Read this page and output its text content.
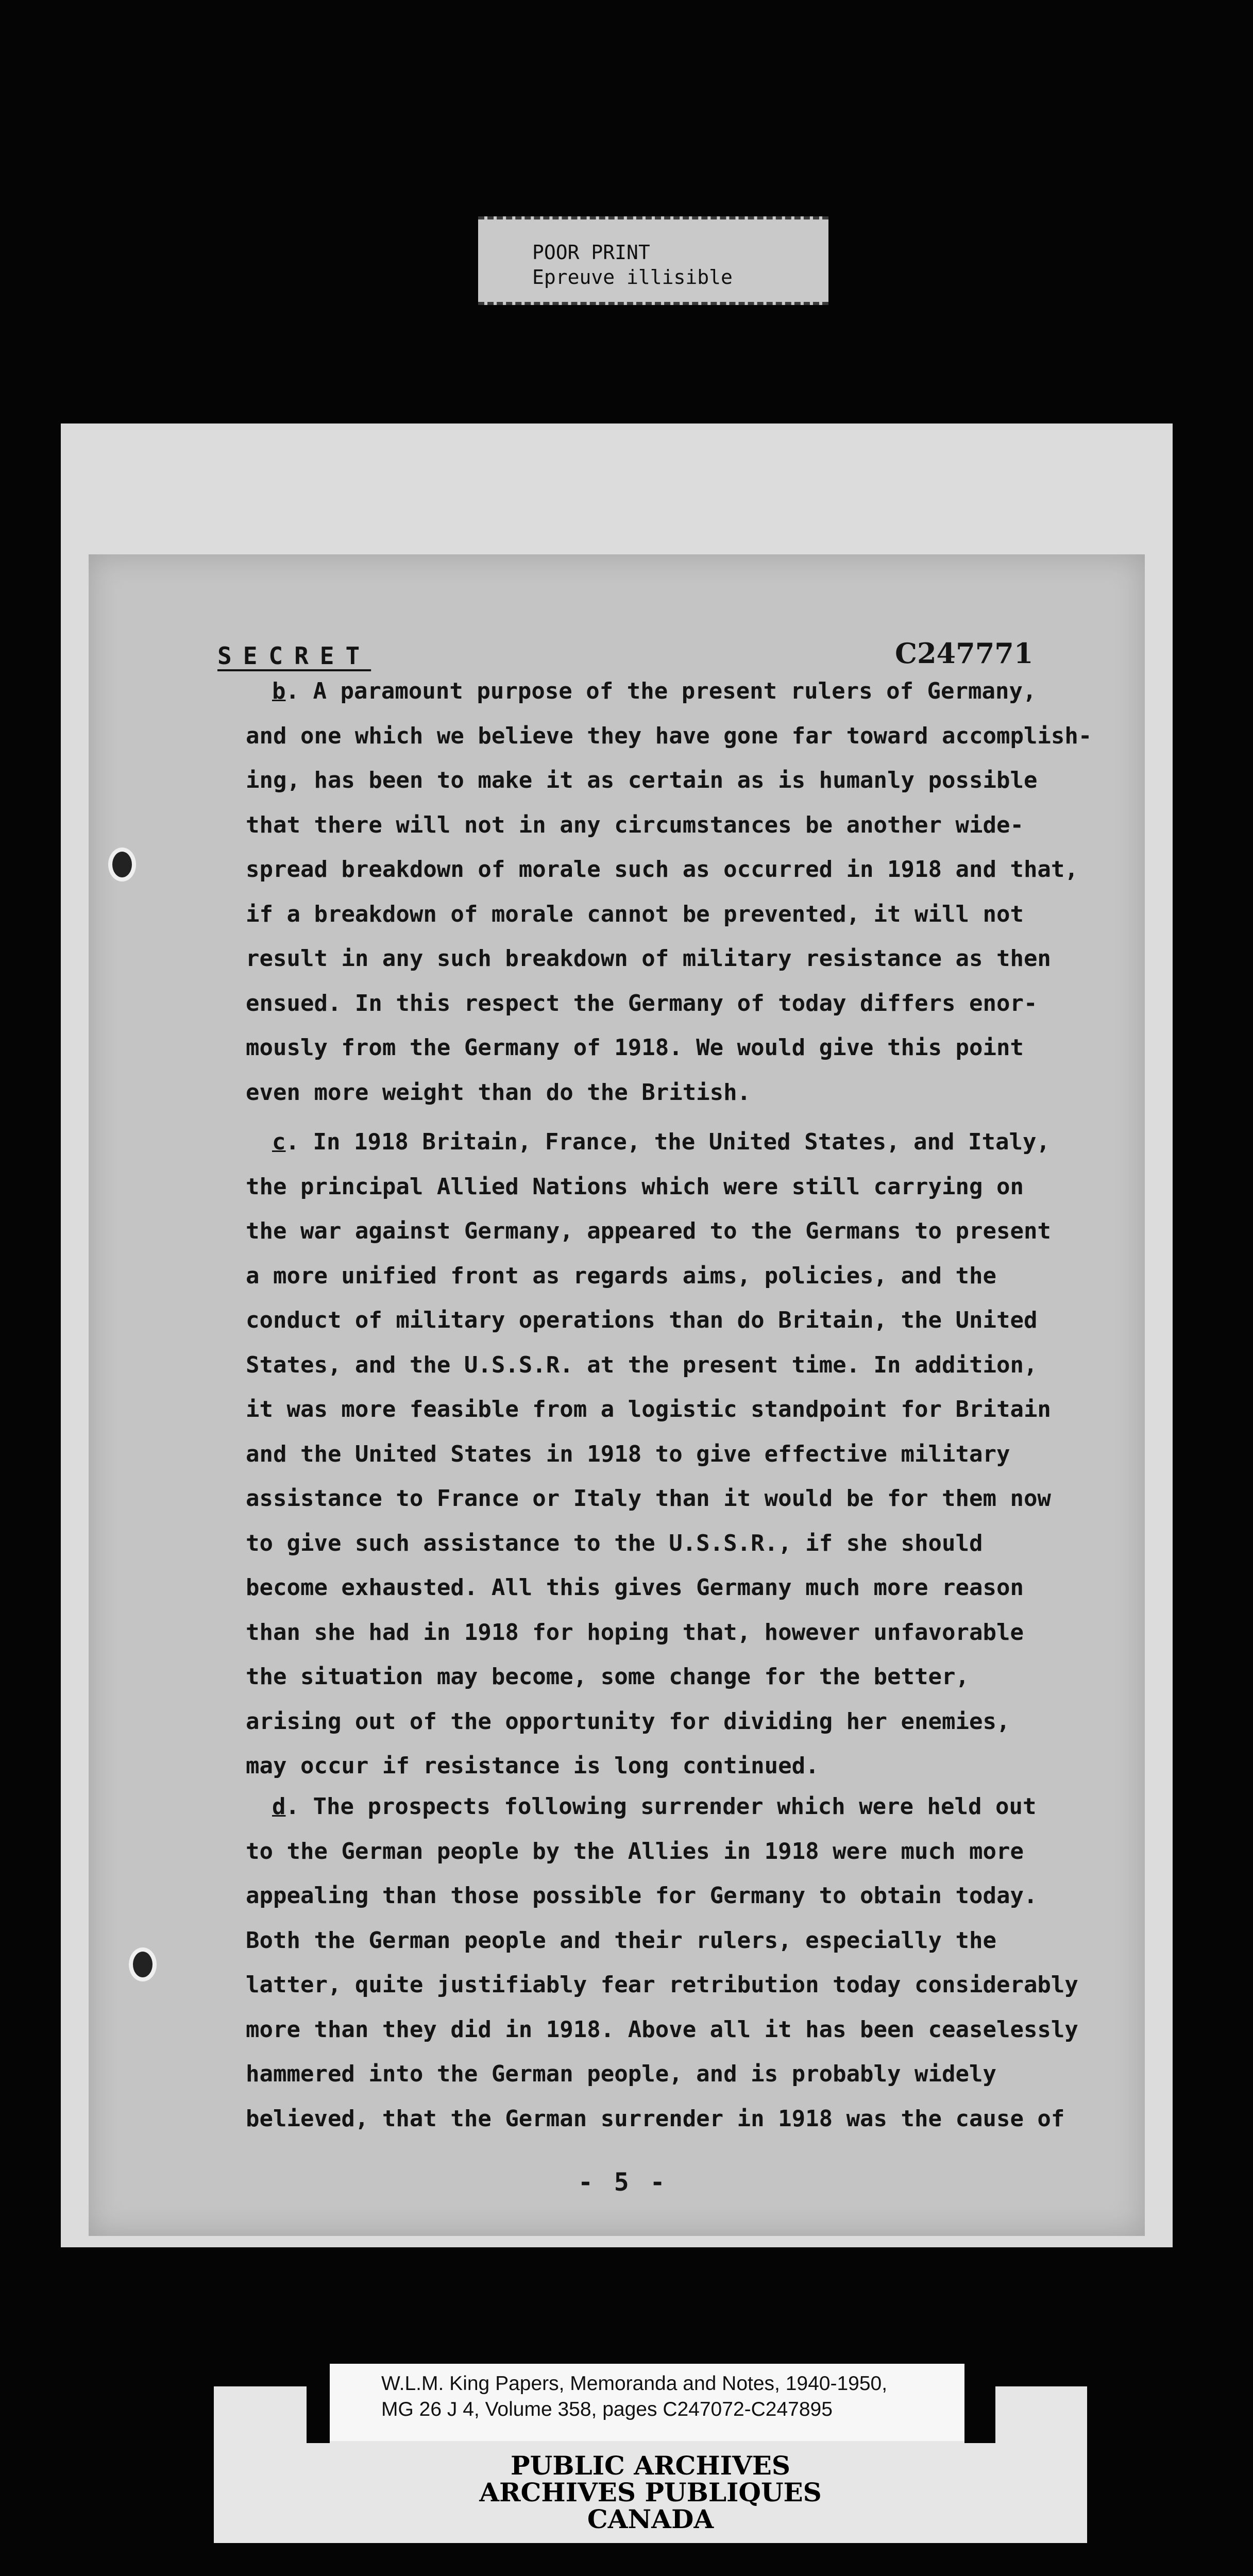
POOR PRINT
Epreuve illisible
SECRET	C247771
b. A paramount purpose of the present rulers of Germany,
and one which we believe they have gone far toward accomplish-
ing, has been to make it as certain as is humanly possible
that there will not in any circumstances be another wide-
spread breakdown of morale such as occurred in 1918 and that,
if a breakdown of morale cannot be prevented, it will not
result in any such breakdown of military resistance as then
ensued. In this respect the Germany of today differs enor-
mously from the Germany of 1918. We would give this point
even more weight than do the British.
c. In 1918 Britain, France, the United States, and Italy,
the principal Allied Nations which were still carrying on
the war against Germany, appeared to the Germans to present
a more unified front as regards aims, policies, and the
conduct of military operations than do Britain, the United
States, and the U.S.S.R. at the present time. In addition,
it was more feasible from a logistic standpoint for Britain
and the United States in 1918 to give effective military
assistance to France or Italy than it would be for them now
to give such assistance to the U.S.S.R., if she should
become exhausted. All this gives Germany much more reason
than she had in 1918 for hoping that, however unfavorable
the situation may become, some change for the better,
arising out of the opportunity for dividing her enemies,
may occur if resistance is long continued.
d. The prospects following surrender which were held out
to the German people by the Allies in 1918 were much more
appealing than those possible for Germany to obtain today.
Both the German people and their rulers, especially the
latter, quite justifiably fear retribution today considerably
more than they did in 1918. Above all it has been ceaselessly
hammered into the German people, and is probably widely
believed, that the German surrender in 1918 was the cause of
- 5 -
W.L.M. King Papers, Memoranda and Notes, 1940-1950,
MG 26 J 4, Volume 358, pages C247072-C247895
PUBLIC ARCHIVES
ARCHIVES PUBLIQUES
CANADA
